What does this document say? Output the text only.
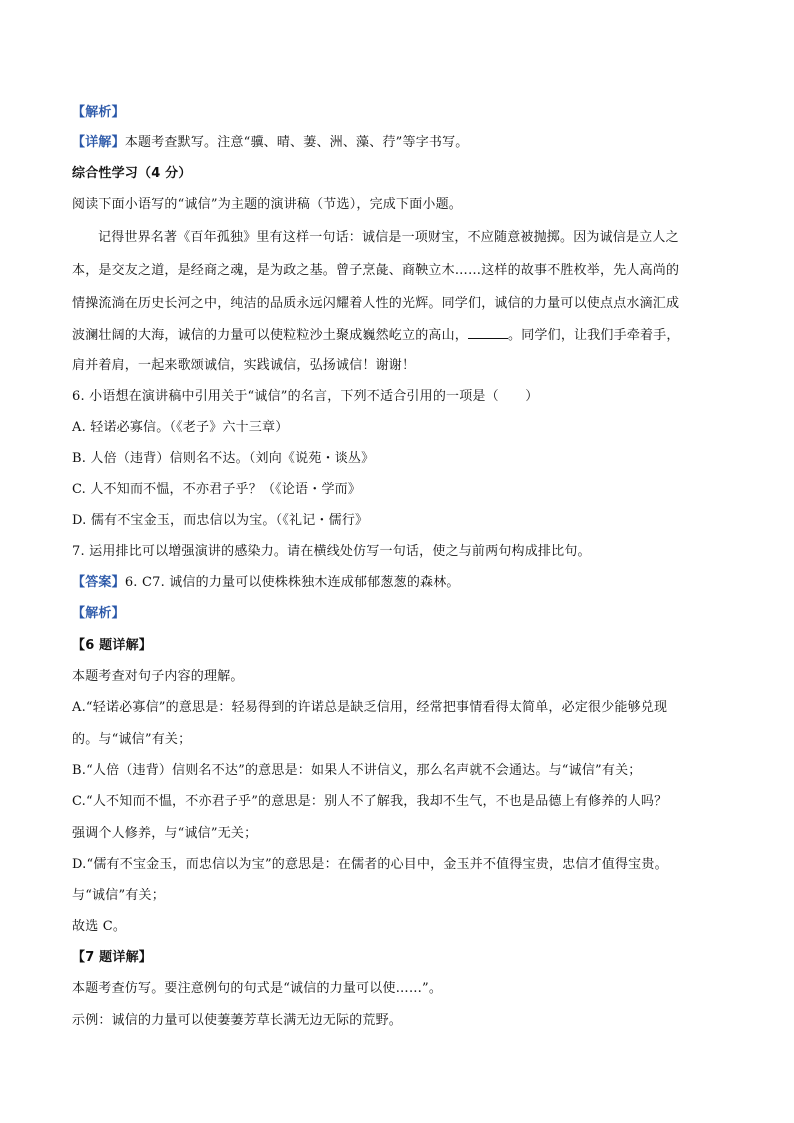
【解析】
【详解】本题考查默写。注意“骥、晴、萋、洲、藻、荇”等字书写。
综合性学习（4 分）
阅读下面小语写的“诚信”为主题的演讲稿（节选），完成下面小题。
记得世界名著《百年孤独》里有这样一句话：诚信是一项财宝，不应随意被抛掷。因为诚信是立人之
本，是交友之道，是经商之魂，是为政之基。曾子烹彘、商鞅立木……这样的故事不胜枚举，先人高尚的
情操流淌在历史长河之中，纯洁的品质永远闪耀着人性的光辉。同学们，诚信的力量可以使点点水滴汇成
波澜壮阔的大海，诚信的力量可以使粒粒沙土聚成巍然屹立的高山，	。同学们，让我们手牵着手，
肩并着肩，一起来歌颂诚信，实践诚信，弘扬诚信！谢谢！
6. 小语想在演讲稿中引用关于“诚信”的名言，下列不适合引用的一项是（　　）
A. 轻诺必寡信。（《老子》六十三章）
B. 人倍（违背）信则名不达。（刘向《说苑・谈丛》
C. 人不知而不愠，不亦君子乎？（《论语・学而》
D. 儒有不宝金玉，而忠信以为宝。（《礼记・儒行》
7. 运用排比可以增强演讲的感染力。请在横线处仿写一句话，使之与前两句构成排比句。
【答案】6. C7. 诚信的力量可以使株株独木连成郁郁葱葱的森林。
【解析】
【6 题详解】
本题考查对句子内容的理解。
A.“轻诺必寡信”的意思是：轻易得到的许诺总是缺乏信用，经常把事情看得太简单，必定很少能够兑现
的。与“诚信”有关；
B.“人倍（违背）信则名不达”的意思是：如果人不讲信义，那么名声就不会通达。与“诚信”有关；
C.“人不知而不愠，不亦君子乎”的意思是：别人不了解我，我却不生气，不也是品德上有修养的人吗？
强调个人修养，与“诚信”无关；
D.“儒有不宝金玉，而忠信以为宝”的意思是：在儒者的心目中，金玉并不值得宝贵，忠信才值得宝贵。
与“诚信”有关；
故选 C。
【7 题详解】
本题考查仿写。要注意例句的句式是“诚信的力量可以使……”。
示例：诚信的力量可以使萋萋芳草长满无边无际的荒野。
